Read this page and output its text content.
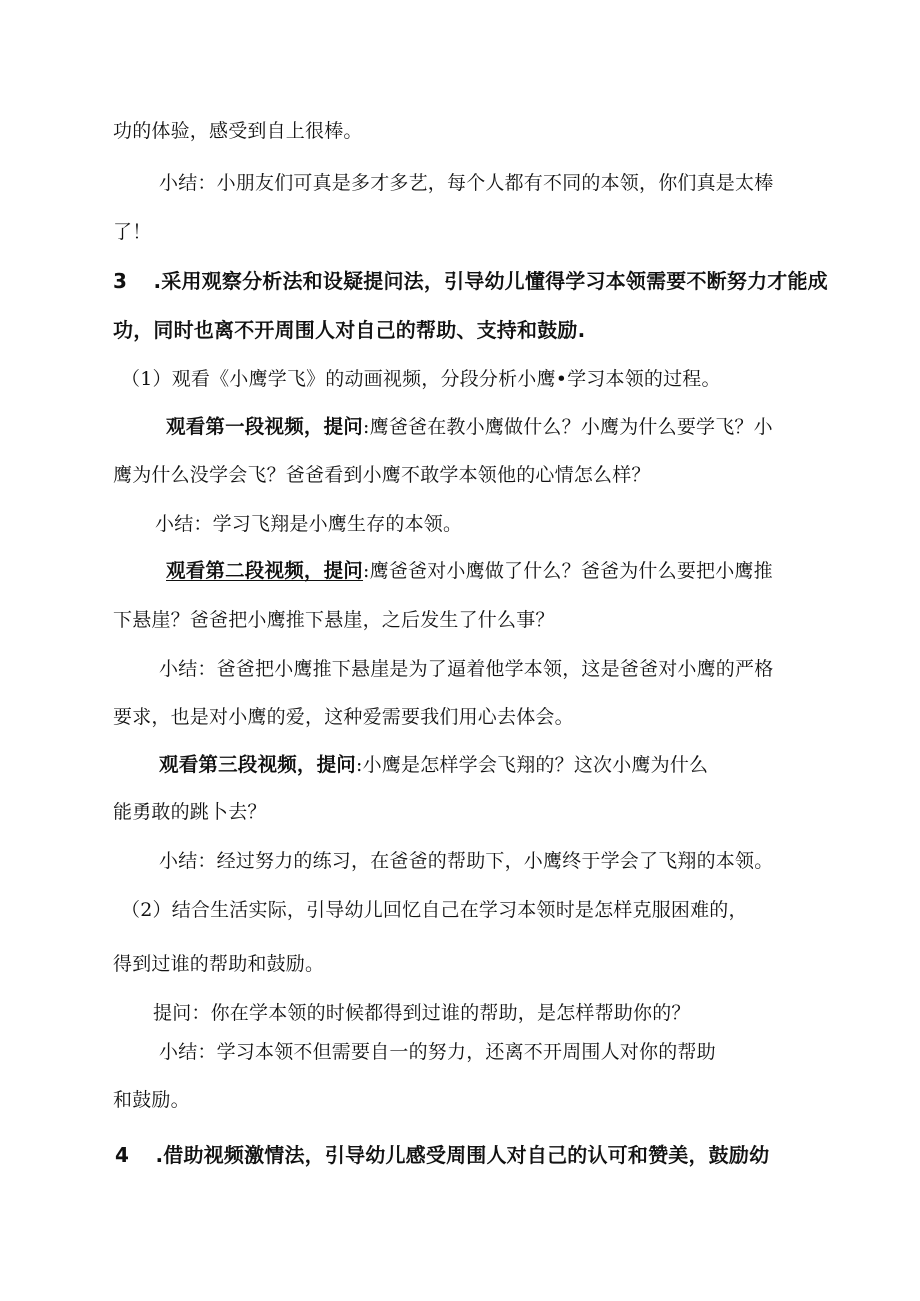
功的体验，感受到自上很棒。
小结：小朋友们可真是多才多艺，每个人都有不同的本领，你们真是太棒
了！
3 .采用观察分析法和设疑提问法，引导幼儿懂得学习本领需要不断努力才能成
功，同时也离不开周围人对自己的帮助、支持和鼓励.
（1）观看《小鹰学飞》的动画视频，分段分析小鹰•学习本领的过程。
观看第一段视频，提问:鹰爸爸在教小鹰做什么？小鹰为什么要学飞？小
鹰为什么没学会飞？爸爸看到小鹰不敢学本领他的心情怎么样？
小结：学习飞翔是小鹰生存的本领。
观看第二段视频，提问:鹰爸爸对小鹰做了什么？爸爸为什么要把小鹰推
下悬崖？爸爸把小鹰推下悬崖，之后发生了什么事？
小结：爸爸把小鹰推下悬崖是为了逼着他学本领，这是爸爸对小鹰的严格
要求，也是对小鹰的爱，这种爱需要我们用心去体会。
观看第三段视频，提问:小鹰是怎样学会飞翔的？这次小鹰为什么
能勇敢的跳卜去？
小结：经过努力的练习，在爸爸的帮助下，小鹰终于学会了飞翔的本领。
（2）结合生活实际，引导幼儿回忆自己在学习本领时是怎样克服困难的，
得到过谁的帮助和鼓励。
提问：你在学本领的时候都得到过谁的帮助，是怎样帮助你的？
小结：学习本领不但需要自一的努力，还离不开周围人对你的帮助
和鼓励。
4 .借助视频激情法，引导幼儿感受周围人对自己的认可和赞美，鼓励幼
